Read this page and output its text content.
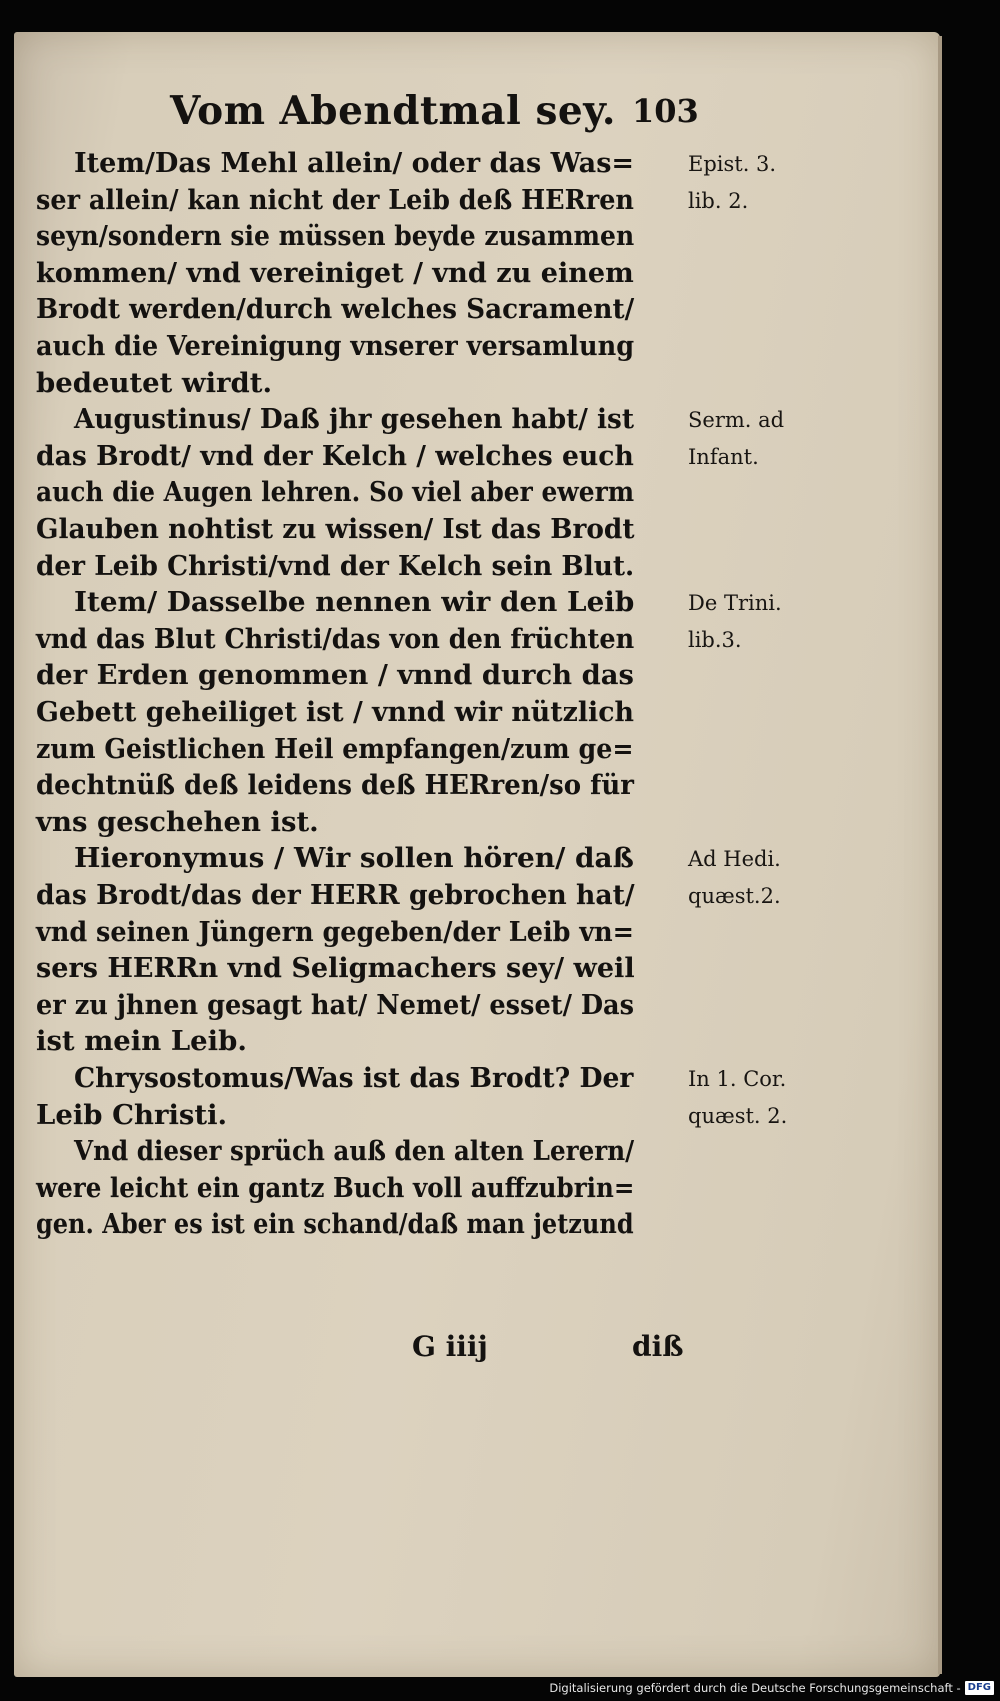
Vom Abendtmal sey. 103
Item/Das Mehl allein/ oder das Was=
ser allein/ kan nicht der Leib deß HERren
seyn/sondern sie müssen beyde zusammen
kommen/ vnd vereiniget / vnd zu einem
Brodt werden/durch welches Sacrament/
auch die Vereinigung vnserer versamlung
bedeutet wirdt.
Augustinus/ Daß jhr gesehen habt/ ist
das Brodt/ vnd der Kelch / welches euch
auch die Augen lehren. So viel aber ewerm
Glauben nohtist zu wissen/ Ist das Brodt
der Leib Christi/vnd der Kelch sein Blut.
Item/ Dasselbe nennen wir den Leib
vnd das Blut Christi/das von den früchten
der Erden genommen / vnnd durch das
Gebett geheiliget ist / vnnd wir nützlich
zum Geistlichen Heil empfangen/zum ge=
dechtnüß deß leidens deß HERren/so für
vns geschehen ist.
Hieronymus / Wir sollen hören/ daß
das Brodt/das der HERR gebrochen hat/
vnd seinen Jüngern gegeben/der Leib vn=
sers HERRn vnd Seligmachers sey/ weil
er zu jhnen gesagt hat/ Nemet/ esset/ Das
ist mein Leib.
Chrysostomus/Was ist das Brodt? Der
Leib Christi.
Vnd dieser sprüch auß den alten Lerern/
were leicht ein gantz Buch voll auffzubrin=
gen. Aber es ist ein schand/daß man jetzund
Epist. 3.
lib. 2.
Serm. ad
Infant.
De Trini.
lib.3.
Ad Hedi.
quæst.2.
In 1. Cor.
quæst. 2.
G iiij	diß
Digitalisierung gefördert durch die Deutsche Forschungsgemeinschaft - DFG
